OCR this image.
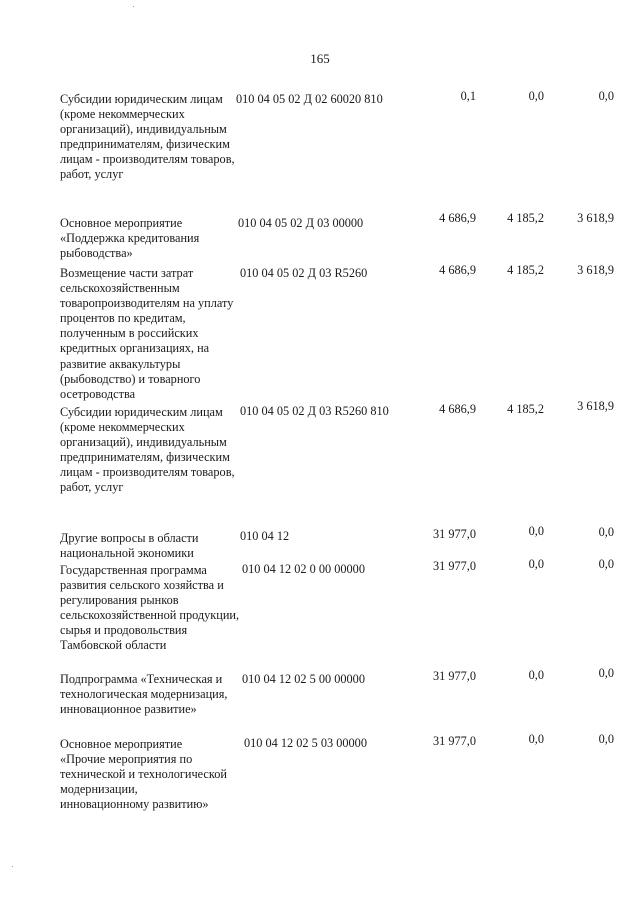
165
Субсидии юридическим лицам (кроме некоммерческих организаций), индивидуальным предпринимателям, физическим лицам - производителям товаров, работ, услуг
010 04 05 02 Д 02 60020 810	0,1	0,0	0,0
Основное мероприятие «Поддержка кредитования рыбоводства»
010 04 05 02 Д 03 00000	4 686,9	4 185,2	3 618,9
Возмещение части затрат сельскохозяйственным товаропроизводителям на уплату процентов по кредитам, полученным в российских кредитных организациях, на развитие аквакультуры (рыбоводство) и товарного осетроводства
010 04 05 02 Д 03 R5260	4 686,9	4 185,2	3 618,9
Субсидии юридическим лицам (кроме некоммерческих организаций), индивидуальным предпринимателям, физическим лицам - производителям товаров, работ, услуг
010 04 05 02 Д 03 R5260 810	4 686,9	4 185,2	3 618,9
Другие вопросы в области национальной экономики
010 04 12	31 977,0	0,0	0,0
Государственная программа развития сельского хозяйства и регулирования рынков сельскохозяйственной продукции, сырья и продовольствия Тамбовской области
010 04 12 02 0 00 00000	31 977,0	0,0	0,0
Подпрограмма «Техническая и технологическая модернизация, инновационное развитие»
010 04 12 02 5 00 00000	31 977,0	0,0	0,0
Основное мероприятие «Прочие мероприятия по технической и технологической модернизации, инновационному развитию»
010 04 12 02 5 03 00000	31 977,0	0,0	0,0
